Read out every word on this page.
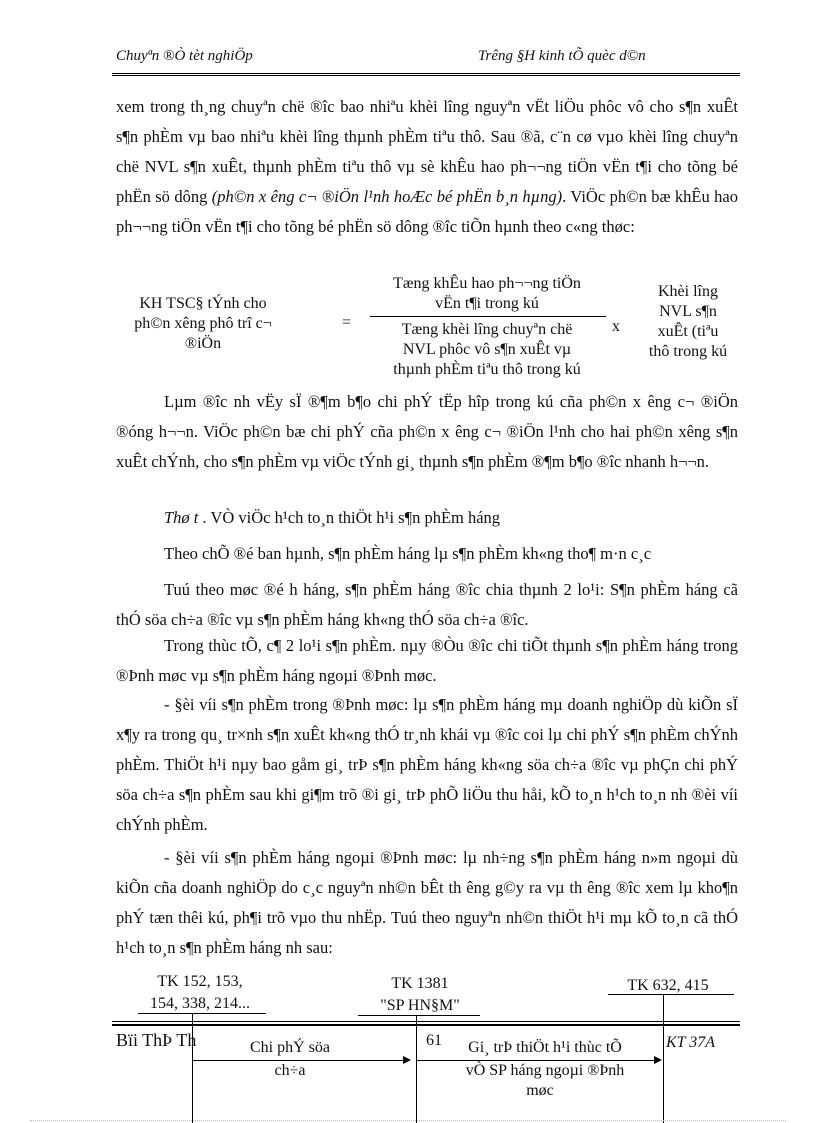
Chuyªn ®Ò tèt nghiÖp	Trêng §H kinh tÕ quèc d©n
xem trong th¸ng chuyªn chë ®îc bao nhiªu khèi lîng nguyªn vËt liÖu phôc vô cho s¶n xuÊt s¶n phÈm vµ bao nhiªu khèi lîng thµnh phÈm tiªu thô. Sau ®ã, c¨n cø vµo khèi lîng chuyªn chë NVL s¶n xuÊt, thµnh phÈm tiªu thô vµ sè khÊu hao ph¬¬ng tiÖn vËn t¶i cho tõng bé phËn sö dông (ph©n x êng c¬ ®iÖn l¹nh hoÆc bé phËn b¸n hµng). ViÖc ph©n bæ khÊu hao ph¬¬ng tiÖn vËn t¶i cho tõng bé phËn sö dông ®îc tiÕn hµnh theo c«ng thøc:
KH TSC§ tÝnh cho
ph©n xêng phô trî c¬
®iÖn
=
Tæng khÊu hao ph¬¬ng tiÖn
vËn t¶i trong kú
Tæng khèi lîng chuyªn chë
NVL phôc vô s¶n xuÊt vµ
thµnh phÈm tiªu thô trong kú
x
Khèi lîng
NVL s¶n
xuÊt (tiªu
thô trong kú
Lµm ®îc nh vËy sÏ ®¶m b¶o chi phÝ tËp hîp trong kú cña ph©n x êng c¬ ®iÖn ®óng h¬¬n. ViÖc ph©n bæ chi phÝ cña ph©n x êng c¬ ®iÖn l¹nh cho hai ph©n xêng s¶n xuÊt chÝnh, cho s¶n phÈm vµ viÖc tÝnh gi¸ thµnh s¶n phÈm ®¶m b¶o ®îc nhanh h¬¬n.
Thø t . VÒ viÖc h¹ch to¸n thiÖt h¹i s¶n phÈm háng
Theo chÕ ®é ban hµnh, s¶n phÈm háng lµ s¶n phÈm kh«ng tho¶ m·n c¸c
Tuú theo møc ®é h háng, s¶n phÈm háng ®îc chia thµnh 2 lo¹i: S¶n phÈm háng cã thÓ söa ch÷a ®îc vµ s¶n phÈm háng kh«ng thÓ söa ch÷a ®îc.
Trong thùc tÕ, c¶ 2 lo¹i s¶n phÈm. nµy ®Òu ®îc chi tiÕt thµnh s¶n phÈm háng trong ®Þnh møc vµ s¶n phÈm háng ngoµi ®Þnh møc.
- §èi víi s¶n phÈm trong ®Þnh møc: lµ s¶n phÈm háng mµ doanh nghiÖp dù kiÕn sÏ x¶y ra trong qu¸ tr×nh s¶n xuÊt kh«ng thÓ tr¸nh khái vµ ®îc coi lµ chi phÝ s¶n phÈm chÝnh phÈm. ThiÖt h¹i nµy bao gåm gi¸ trÞ s¶n phÈm háng kh«ng söa ch÷a ®îc vµ phÇn chi phÝ söa ch÷a s¶n phÈm sau khi gi¶m trõ ®i gi¸ trÞ phÕ liÖu thu håi, kÕ to¸n h¹ch to¸n nh ®èi víi chÝnh phÈm.
- §èi víi s¶n phÈm háng ngoµi ®Þnh møc: lµ nh÷ng s¶n phÈm háng n»m ngoµi dù kiÕn cña doanh nghiÖp do c¸c nguyªn nh©n bÊt th êng g©y ra vµ th êng ®îc xem lµ kho¶n phÝ tæn thêi kú, ph¶i trõ vµo thu nhËp. Tuú theo nguyªn nh©n thiÖt h¹i mµ kÕ to¸n cã thÓ h¹ch to¸n s¶n phÈm háng nh sau:
TK 152, 153,
154, 338, 214...
TK 1381
"SP HN§M"
TK 632, 415
Chi phÝ söa
ch÷a
Gi¸ trÞ thiÖt h¹i thùc tÕ
vÒ SP háng ngoµi ®Þnh
møc
Bïi ThÞ Th	61	KT 37A
